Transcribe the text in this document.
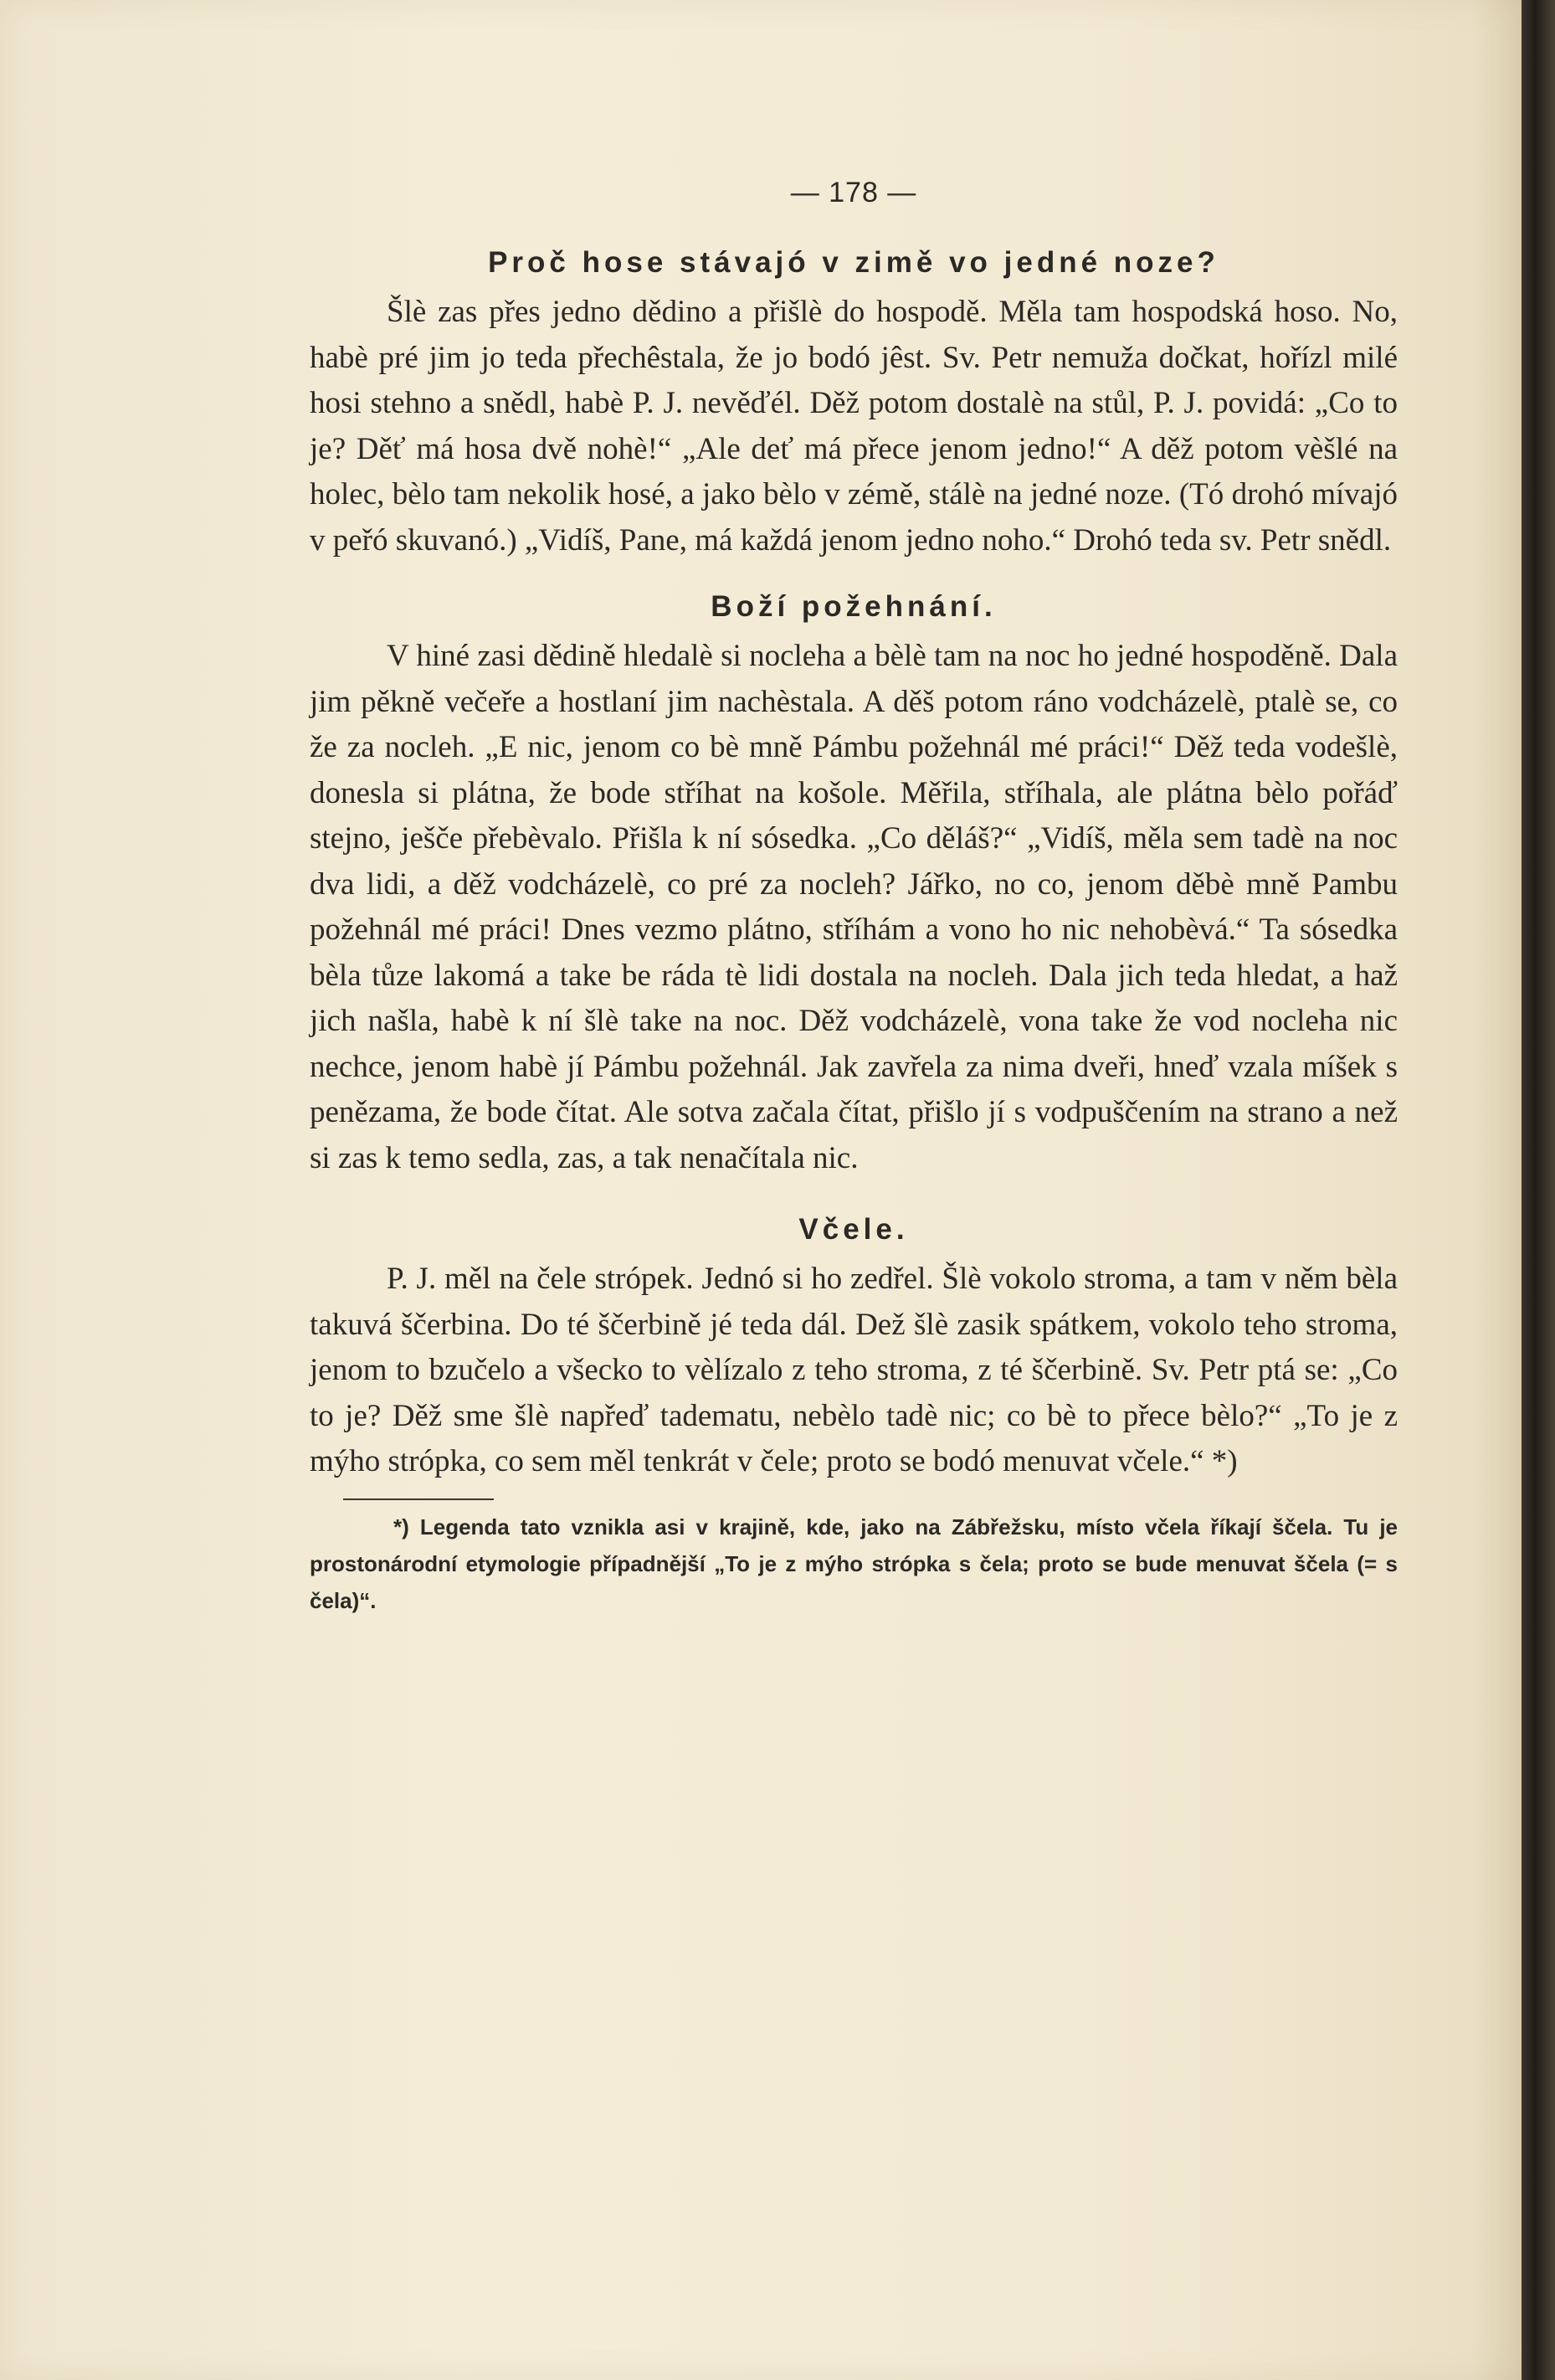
— 178 —
Proč hose stávajó v zimě vo jedné noze?

Šlè zas přes jedno dědino a přišlè do hospodě. Měla tam hospodská hoso. No, habè pré jim jo teda přechêstala, že jo bodó jêst. Sv. Petr nemuža dočkat, hořízl milé hosi stehno a snědl, habè P. J. nevěďél. Děž potom dostalè na stůl, P. J. povidá: „Co to je? Děť má hosa dvě nohè!“ „Ale deť má přece jenom jedno!“ A děž potom vèšlé na holec, bèlo tam nekolik hosé, a jako bèlo v zémě, stálè na jedné noze. (Tó drohó mívajó v peřó skuvanó.) „Vidíš, Pane, má každá jenom jedno noho.“ Drohó teda sv. Petr snědl.

Boží požehnání.

V hiné zasi dědině hledalè si nocleha a bèlè tam na noc ho jedné hospoděně. Dala jim pěkně večeře a hostlaní jim nachèstala. A děš potom ráno vodcházelè, ptalè se, co že za nocleh. „E nic, jenom co bè mně Pámbu požehnál mé práci!“ Děž teda vodešlè, donesla si plátna, že bode stříhat na košole. Měřila, stříhala, ale plátna bèlo pořáď stejno, ješče přebèvalo. Přišla k ní sósedka. „Co děláš?“ „Vidíš, měla sem tadè na noc dva lidi, a děž vodcházelè, co pré za nocleh? Jářko, no co, jenom děbè mně Pambu požehnál mé práci! Dnes vezmo plátno, stříhám a vono ho nic nehobèvá.“ Ta sósedka bèla tůze lakomá a take be ráda tè lidi dostala na nocleh. Dala jich teda hledat, a haž jich našla, habè k ní šlè take na noc. Děž vodcházelè, vona take že vod nocleha nic nechce, jenom habè jí Pámbu požehnál. Jak zavřela za nima dveři, hneď vzala míšek s penězama, že bode čítat. Ale sotva začala čítat, přišlo jí s vodpuščením na strano a než si zas k temo sedla, zas, a tak nenačítala nic.

Včele.

P. J. měl na čele strópek. Jednó si ho zedřel. Šlè vokolo stroma, a tam v něm bèla takuvá ščerbina. Do té ščerbině jé teda dál. Dež šlè zasik spátkem, vokolo teho stroma, jenom to bzučelo a všecko to vèlízalo z teho stroma, z té ščerbině. Sv. Petr ptá se: „Co to je? Děž sme šlè napřeď tadematu, nebèlo tadè nic; co bè to přece bèlo?“ „To je z mýho strópka, co sem měl tenkrát v čele; proto se bodó menuvat včele.“ *)

*) Legenda tato vznikla asi v krajině, kde, jako na Zábřežsku, místo včela říkají ščela. Tu je prostonárodní etymologie případnější „To je z mýho strópka s čela; proto se bude menuvat ščela (= s čela)“.
